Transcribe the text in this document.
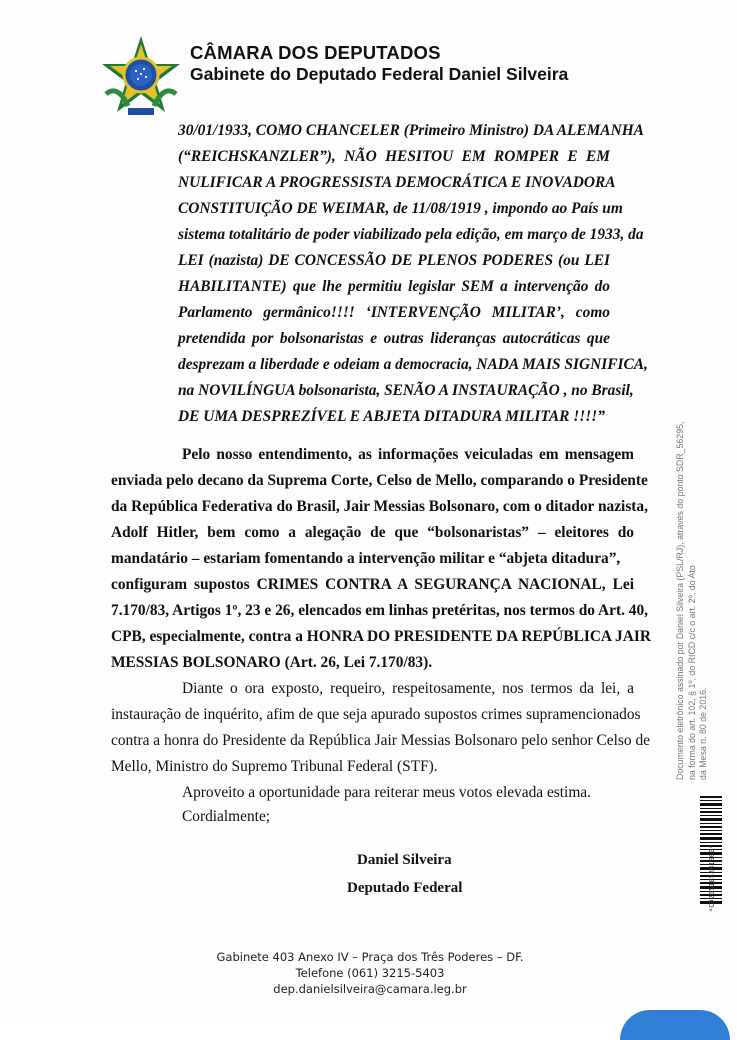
CÂMARA DOS DEPUTADOS
Gabinete do Deputado Federal Daniel Silveira
30/01/1933, COMO CHANCELER (Primeiro Ministro) DA ALEMANHA
(“REICHSKANZLER”), NÃO HESITOU EM ROMPER E EM
NULIFICAR A PROGRESSISTA DEMOCRÁTICA E INOVADORA
CONSTITUIÇÃO DE WEIMAR, de 11/08/1919 , impondo ao País um
sistema totalitário de poder viabilizado pela edição, em março de 1933, da
LEI (nazista) DE CONCESSÃO DE PLENOS PODERES (ou LEI
HABILITANTE) que lhe permitiu legislar SEM a intervenção do
Parlamento germânico!!!! ‘INTERVENÇÃO MILITAR’, como
pretendida por bolsonaristas e outras lideranças autocráticas que
desprezam a liberdade e odeiam a democracia, NADA MAIS SIGNIFICA,
na NOVILÍNGUA bolsonarista, SENÃO A INSTAURAÇÃO , no Brasil,
DE UMA DESPREZÍVEL E ABJETA DITADURA MILITAR !!!!”
Pelo nosso entendimento, as informações veiculadas em mensagem
enviada pelo decano da Suprema Corte, Celso de Mello, comparando o Presidente
da República Federativa do Brasil, Jair Messias Bolsonaro, com o ditador nazista,
Adolf Hitler, bem como a alegação de que “bolsonaristas” – eleitores do
mandatário – estariam fomentando a intervenção militar e “abjeta ditadura”,
configuram supostos CRIMES CONTRA A SEGURANÇA NACIONAL, Lei
7.170/83, Artigos 1º, 23 e 26, elencados em linhas pretéritas, nos termos do Art. 40,
CPB, especialmente, contra a HONRA DO PRESIDENTE DA REPÚBLICA JAIR
MESSIAS BOLSONARO (Art. 26, Lei 7.170/83).
Diante o ora exposto, requeiro, respeitosamente, nos termos da lei, a
instauração de inquérito, afim de que seja apurado supostos crimes supramencionados
contra a honra do Presidente da República Jair Messias Bolsonaro pelo senhor Celso de
Mello, Ministro do Supremo Tribunal Federal (STF).
Aproveito a oportunidade para reiterar meus votos elevada estima.
Cordialmente;
Daniel Silveira
Deputado Federal
Gabinete 403 Anexo IV – Praça dos Três Poderes – DF.
Telefone (061) 3215-5403
dep.danielsilveira@camara.leg.br
Documento eletrônico assinado por Daniel Silveira (PSL/RJ), através do ponto SDR_56295, na forma do art. 102, § 1º, do RICD c/c o art. 2º, do Ato da Mesa n. 80 de 2016.
*CD205185381000*
